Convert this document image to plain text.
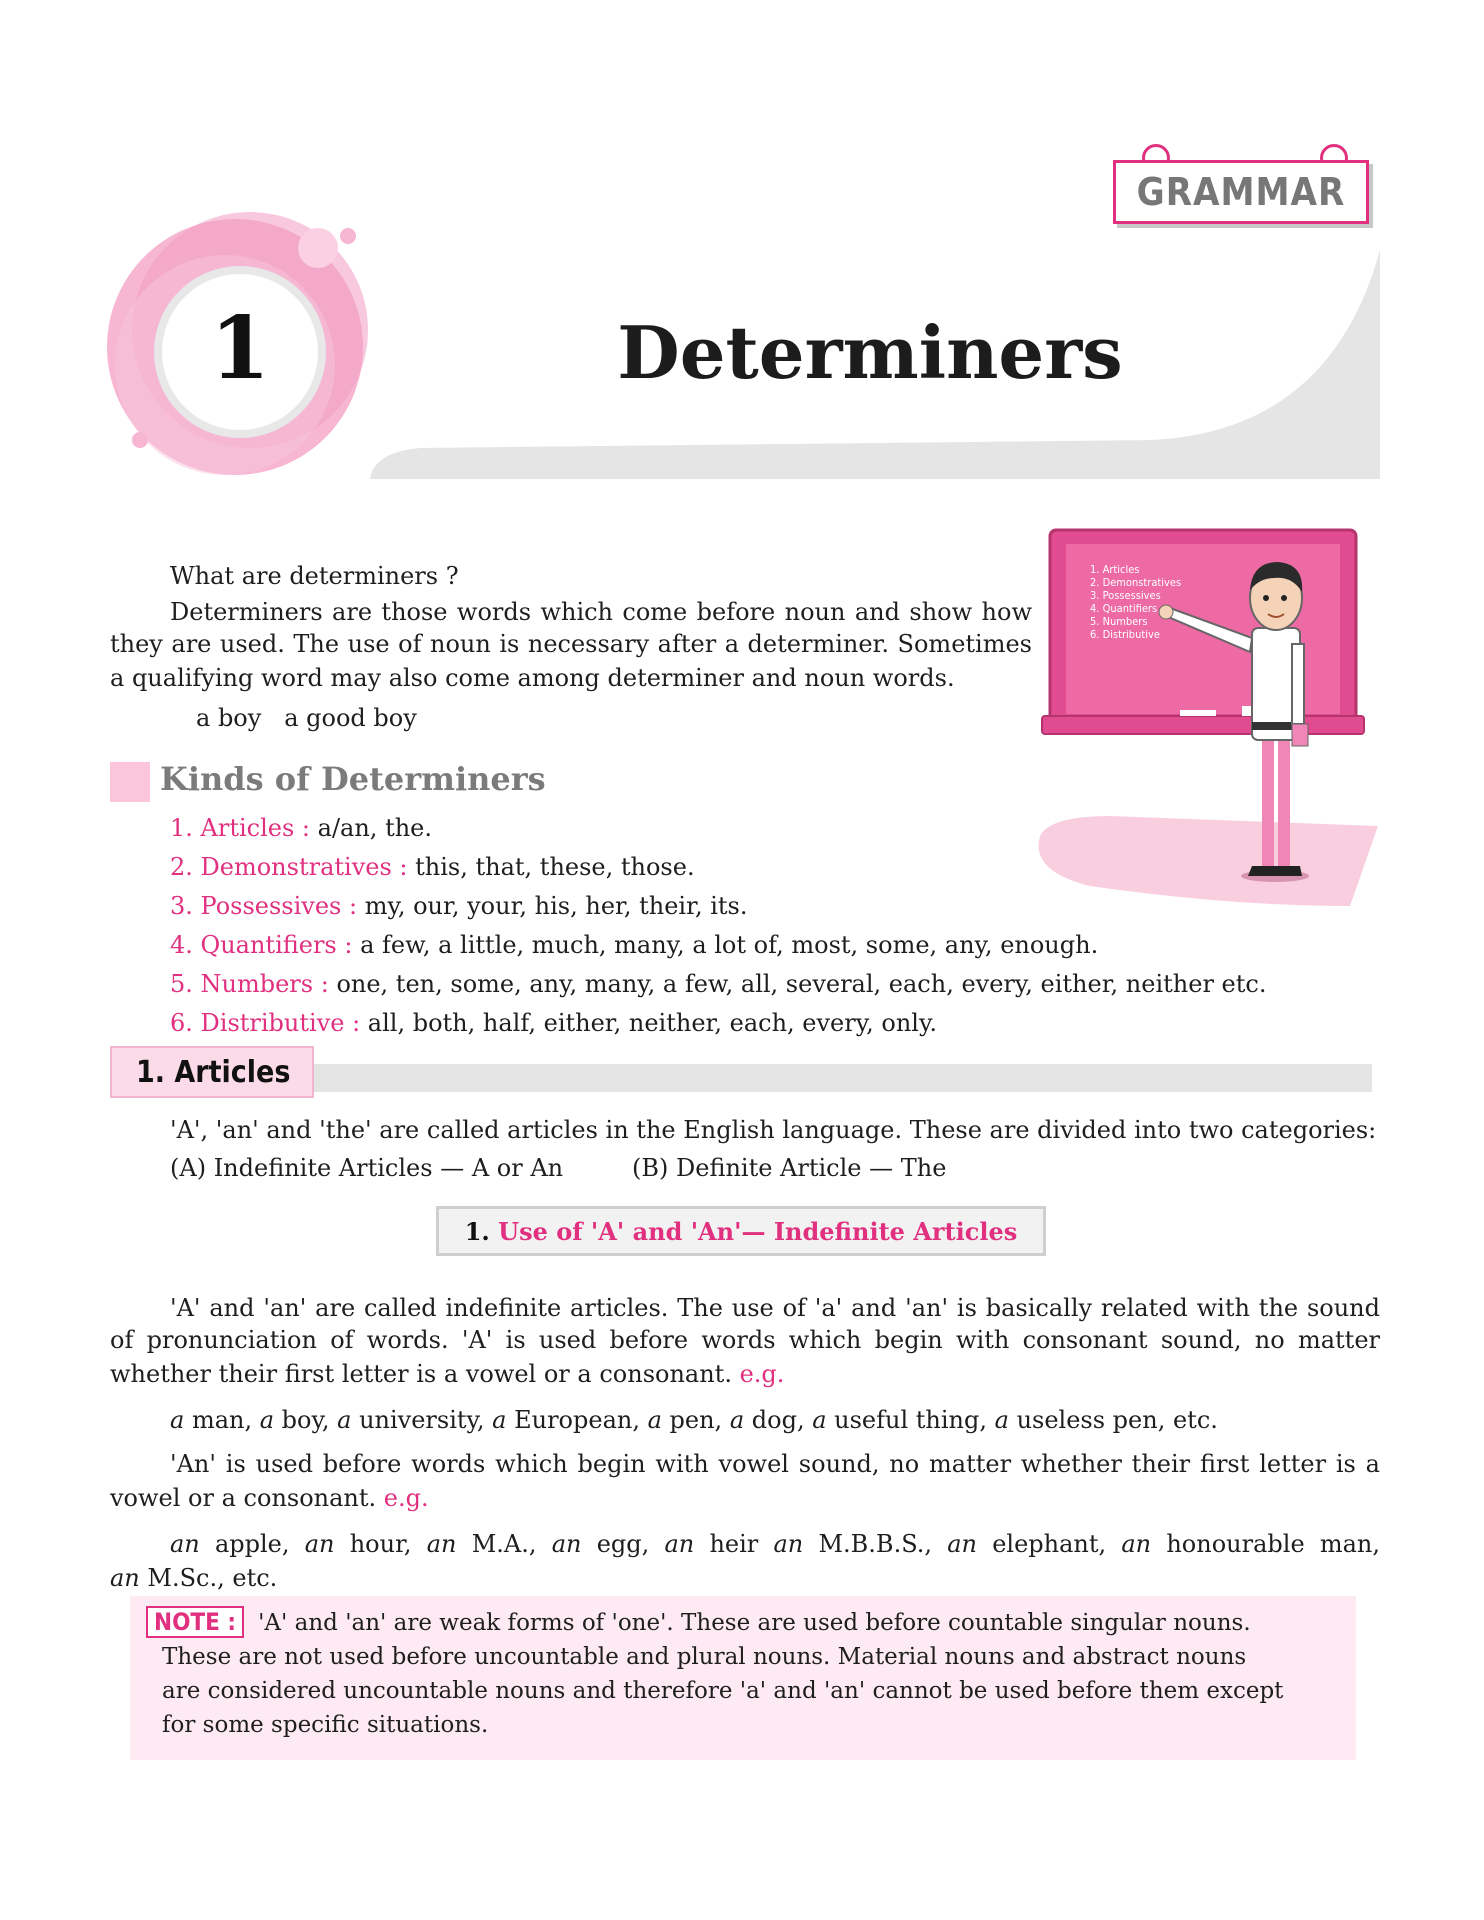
GRAMMAR
1	Determiners
1. Articles
2. Demonstratives
3. Possessives
4. Quantifiers
5. Numbers
6. Distributive

What are determiners ?

Determiners are those words which come before noun and show how

they are used. The use of noun is necessary after a determiner. Sometimes

a qualifying word may also come among determiner and noun words.

a boy   a good boy

Kinds of Determiners
1. Articles : a/an, the.
2. Demonstratives : this, that, these, those.
3. Possessives : my, our, your, his, her, their, its.
4. Quantifiers : a few, a little, much, many, a lot of, most, some, any, enough.
5. Numbers : one, ten, some, any, many, a few, all, several, each, every, either, neither etc.
6. Distributive : all, both, half, either, neither, each, every, only.
1. Articles

'A', 'an' and 'the' are called articles in the English language. These are divided into two categories:

(A) Indefinite Articles — A or An	(B) Definite Article — The

1.
Use of 'A' and 'An'— Indefinite Articles

'A' and 'an' are called indefinite articles. The use of 'a' and 'an' is basically related with the sound

of pronunciation of words. 'A' is used before words which begin with consonant sound, no matter

whether their first letter is a vowel or a consonant. e.g.

a man, a boy, a university, a European, a pen, a dog, a useful thing, a useless pen, etc.

'An' is used before words which begin with vowel sound, no matter whether their first letter is a

vowel or a consonant. e.g.

an apple, an hour, an M.A., an egg, an heir an M.B.B.S., an elephant, an honourable man,

an M.Sc., etc.

NOTE : 'A' and 'an' are weak forms of 'one'. These are used before countable singular nouns.
These are not used before uncountable and plural nouns. Material nouns and abstract nouns
are considered uncountable nouns and therefore 'a' and 'an' cannot be used before them except
for some specific situations.
